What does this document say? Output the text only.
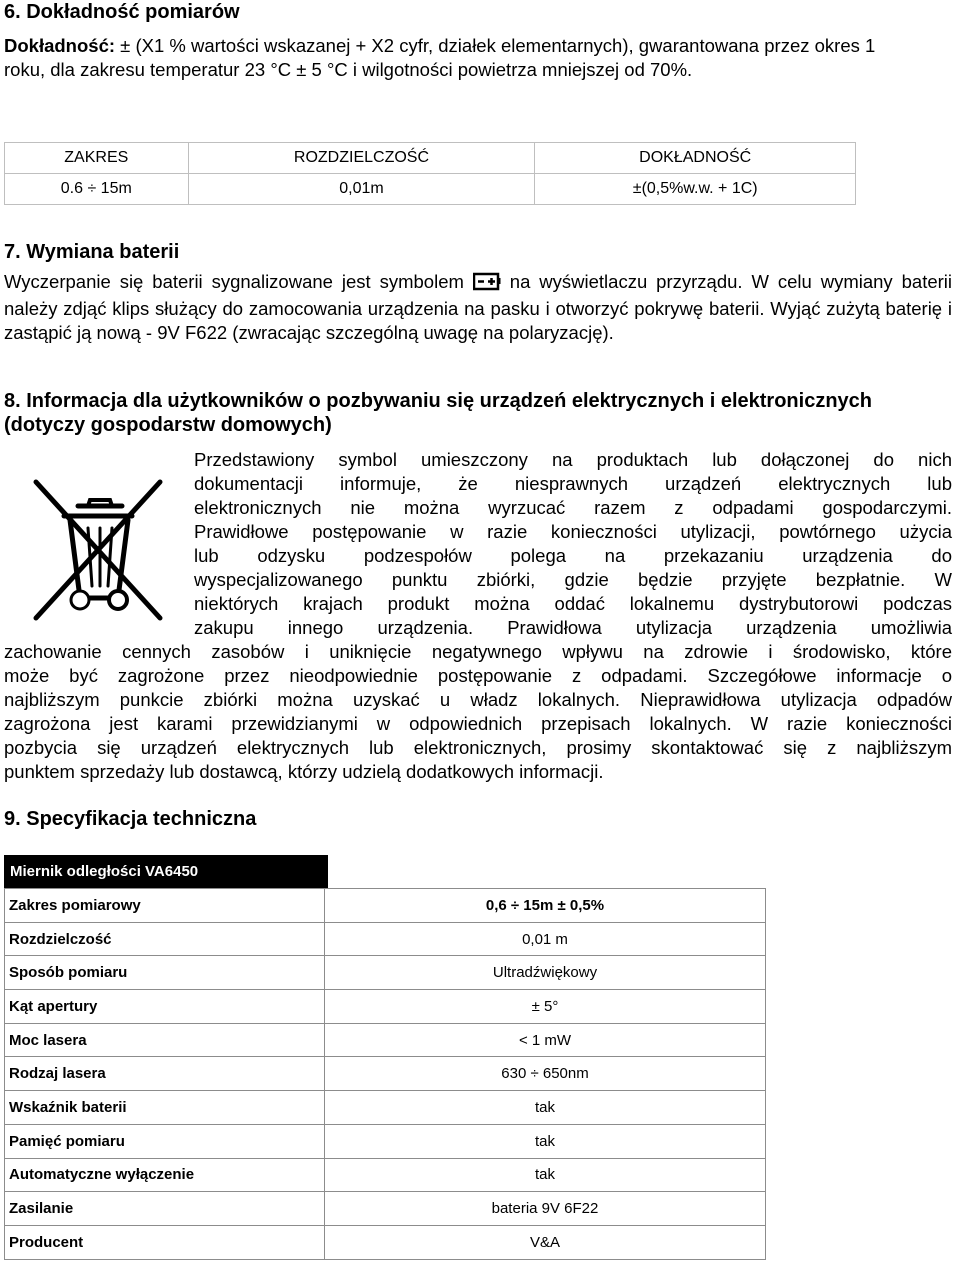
6. Dokładność pomiarów
Dokładność: ± (X1 % wartości wskazanej + X2 cyfr, działek elementarnych), gwarantowana przez okres 1 roku, dla zakresu temperatur 23 °C ± 5 °C i wilgotności powietrza mniejszej od 70%.
ZAKRES	ROZDZIELCZOŚĆ	DOKŁADNOŚĆ
0.6 ÷ 15m	0,01m	±(0,5%w.w. + 1C)
7. Wymiana baterii
Wyczerpanie się baterii sygnalizowane jest symbolem na wyświetlaczu przyrządu. W celu wymiany baterii należy zdjąć klips służący do zamocowania urządzenia na pasku i otworzyć pokrywę baterii. Wyjąć zużytą baterię i zastąpić ją nową - 9V F622 (zwracając szczególną uwagę na polaryzację).
8. Informacja dla użytkowników o pozbywaniu się urządzeń elektrycznych i elektronicznych
(dotyczy gospodarstw domowych)
Przedstawiony symbol umieszczony na produktach lub dołączonej do nich
dokumentacji informuje, że niesprawnych urządzeń elektrycznych lub
elektronicznych nie można wyrzucać razem z odpadami gospodarczymi.
Prawidłowe postępowanie w razie konieczności utylizacji, powtórnego użycia
lub odzysku podzespołów polega na przekazaniu urządzenia do
wyspecjalizowanego punktu zbiórki, gdzie będzie przyjęte bezpłatnie. W
niektórych krajach produkt można oddać lokalnemu dystrybutorowi podczas
zakupu innego urządzenia. Prawidłowa utylizacja urządzenia umożliwia
zachowanie cennych zasobów i uniknięcie negatywnego wpływu na zdrowie i środowisko, które
może być zagrożone przez nieodpowiednie postępowanie z odpadami. Szczegółowe informacje o
najbliższym punkcie zbiórki można uzyskać u władz lokalnych. Nieprawidłowa utylizacja odpadów
zagrożona jest karami przewidzianymi w odpowiednich przepisach lokalnych. W razie konieczności
pozbycia się urządzeń elektrycznych lub elektronicznych, prosimy skontaktować się z najbliższym
punktem sprzedaży lub dostawcą, którzy udzielą dodatkowych informacji.
9. Specyfikacja techniczna
Miernik odległości VA6450
Zakres pomiarowy	0,6 ÷ 15m ± 0,5%
Rozdzielczość	0,01 m
Sposób pomiaru	Ultradźwiękowy
Kąt apertury	± 5°
Moc lasera	< 1 mW
Rodzaj lasera	630 ÷ 650nm
Wskaźnik baterii	tak
Pamięć pomiaru	tak
Automatyczne wyłączenie	tak
Zasilanie	bateria 9V 6F22
Producent	V&A
